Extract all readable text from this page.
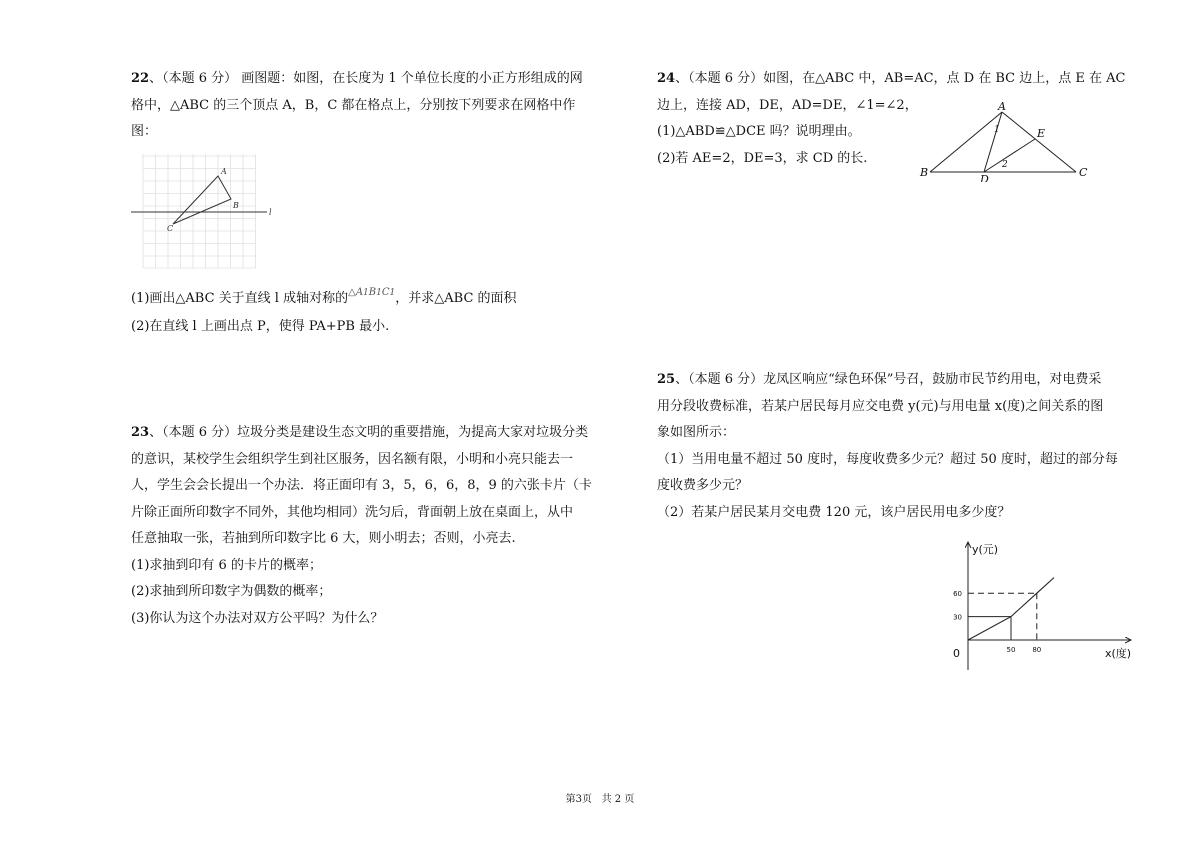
22、（本题 6 分） 画图题：如图，在长度为 1 个单位长度的小正方形组成的网
格中，△ABC 的三个顶点 A，B，C 都在格点上，分别按下列要求在网格中作
图：
A
B
C
l
(1)画出△ABC 关于直线 l 成轴对称的$^{\triangle A1B1C1}$，并求△ABC 的面积
(2)在直线 l 上画出点 P，使得 PA+PB 最小.
23、（本题 6 分）垃圾分类是建设生态文明的重要措施，为提高大家对垃圾分类
的意识，某校学生会组织学生到社区服务，因名额有限，小明和小亮只能去一
人，学生会会长提出一个办法．将正面印有 3，5，6，6，8，9 的六张卡片（卡
片除正面所印数字不同外，其他均相同）洗匀后，背面朝上放在桌面上，从中
任意抽取一张，若抽到所印数字比 6 大，则小明去；否则，小亮去.
(1)求抽到印有 6 的卡片的概率；
(2)求抽到所印数字为偶数的概率；
(3)你认为这个办法对双方公平吗？为什么？
24、（本题 6 分）如图，在△ABC 中，AB=AC，点 D 在 BC 边上，点 E 在 AC
边上，连接 AD，DE，AD=DE，∠1=∠2，
(1)△ABD≌△DCE 吗？说明理由。
(2)若 AE=2，DE=3，求 CD 的长.
A
B	C
D
E
1
2
25、（本题 6 分）龙凤区响应“绿色环保”号召，鼓励市民节约用电，对电费采
用分段收费标准，若某户居民每月应交电费 y(元)与用电量 x(度)之间关系的图
象如图所示：
（1）当用电量不超过 50 度时，每度收费多少元？超过 50 度时，超过的部分每
度收费多少元？
（2）若某户居民某月交电费 120 元，该户居民用电多少度？
50 80
30
60
0
y(元)
x(度)
第3页 共 2 页
